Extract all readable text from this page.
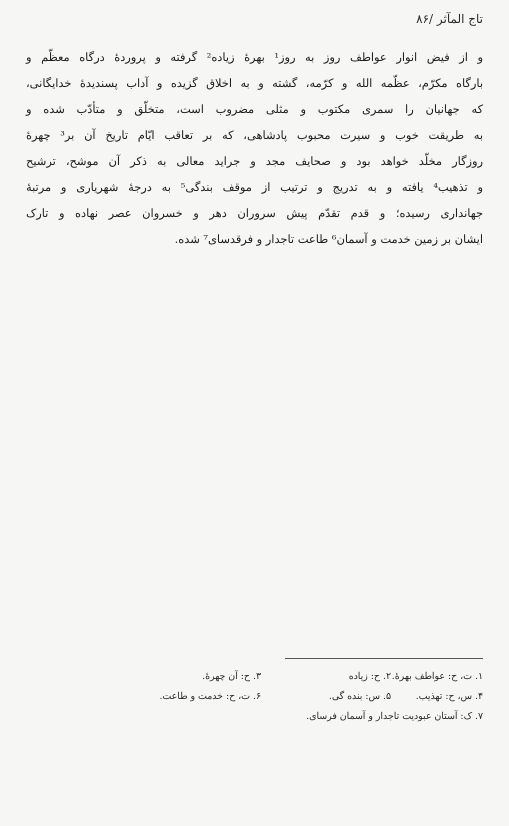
تاج المآثر /۸۶
و از فیض انوار عواطف روز به روز¹ بهرهٔ زیاده² گرفته و پروردهٔ درگاه معظّم و
بارگاه مکرّم، عظّمه الله و کرّمه، گشته و به اخلاق گزیده و آداب پسندیدهٔ خدایگانی،
که جهانیان را سمری مکتوب و مثلی مضروب است، متخلّق و متأدّب شده و
به طریقت خوب و سیرت محبوب پادشاهی، که بر تعاقب ایّام تاریخ آن بر³ چهرهٔ
روزگار مخلّد خواهد بود و صحایف مجد و جراید معالی به ذکر آن موشح، ترشیح
و تذهیب⁴ یافته و به تدریج و ترتیب از موقف بندگی⁵ به درجهٔ شهریاری و مرتبهٔ
جهانداری رسیده؛ و قدم تقدّم پیش سروران دهر و خسروان عصر نهاده و تارک
ایشان بر زمین خدمت و آسمان⁶ طاعت تاجدار و فرقدسای⁷ شده.
۱. ت، ح: عواطف بهرهٔ.۲. ح: زیاده۳. ح: آن چهرهٔ.
۴. س، ح: تهذیب.۵. س: بنده گی.۶. ت، ح: خدمت و طاعت.
۷. ک: آستان عبودیت تاجدار و آسمان فرسای.
